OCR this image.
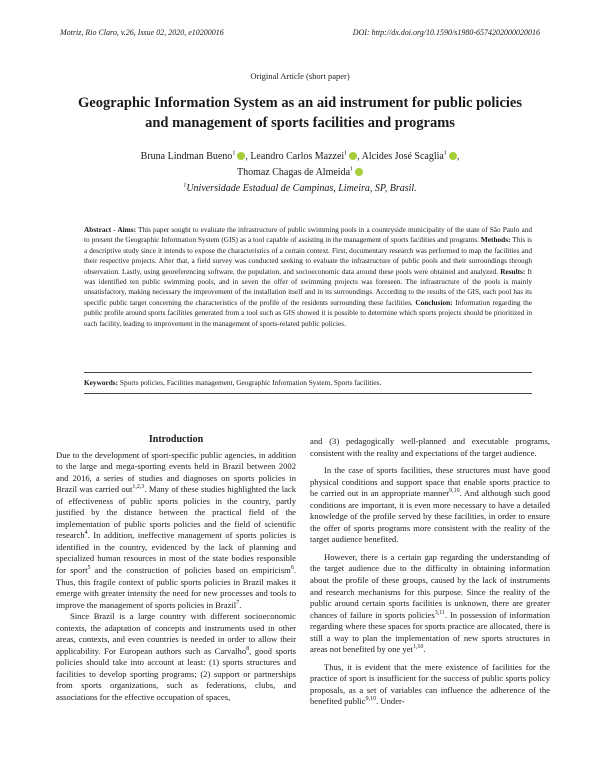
Motriz, Rio Claro, v.26, Issue 02, 2020, e10200016	DOI: http://dx.doi.org/10.1590/s1980-6574202000020016
Original Article (short paper)
Geographic Information System as an aid instrument for public policies and management of sports facilities and programs
Bruna Lindman Bueno$^1$ , Leandro Carlos Mazzei$^1$ , Alcides José Scaglia$^1$ ,
Thomaz Chagas de Almeida$^1$
$^1$Universidade Estadual de Campinas, Limeira, SP, Brasil.
Abstract - Aims: This paper sought to evaluate the infrastructure of public swimming pools in a countryside municipality of the state of São Paulo and to present the Geographic Information System (GIS) as a tool capable of assisting in the management of sports facilities and programs. Methods: This is a descriptive study since it intends to expose the characteristics of a certain context. First, documentary research was performed to map the facilities and their respective projects. After that, a field survey was conducted seeking to evaluate the infrastructure of public pools and their surroundings through observation. Lastly, using georeferencing software, the population, and socioeconomic data around these pools were obtained and analyzed. Results: It was identified ten public swimming pools, and in seven the offer of swimming projects was foreseen. The infrastructure of the pools is mainly unsatisfactory, making necessary the improvement of the installation itself and in its surroundings. According to the results of the GIS, each pool has its specific public target concerning the characteristics of the profile of the residents surrounding these facilities. Conclusion: Information regarding the public profile around sports facilities generated from a tool such as GIS showed it is possible to determine which sports projects should be prioritized in each facility, leading to improvement in the management of sports-related public policies.
Keywords: Sports policies, Facilities management, Geographic Information System, Sports facilities.
Introduction

Due to the development of sport-specific public agencies, in addition to the large and mega-sporting events held in Brazil between 2002 and 2016, a series of studies and diagnoses on sports policies in Brazil was carried out$^{1,2,3}$. Many of these studies highlighted the lack of effectiveness of public sports policies in the country, partly justified by the distance between the practical field of the implementation of public sports policies and the field of scientific research$^4$. In addition, ineffective management of sports policies is identified in the country, evidenced by the lack of planning and specialized human resources in most of the state bodies responsible for sport$^5$ and the construction of policies based on empiricism$^6$. Thus, this fragile context of public sports policies in Brazil makes it emerge with greater intensity the need for new processes and tools to improve the management of sports policies in Brazil$^7$.

Since Brazil is a large country with different socioeconomic contexts, the adaptation of concepts and instruments used in other areas, contexts, and even countries is needed in order to allow their applicability. For European authors such as Carvalho$^8$, good sports policies should take into account at least: (1) sports structures and facilities to develop sporting programs; (2) support or partnerships from sports organizations, such as federations, clubs, and associations for the effective occupation of spaces,

and (3) pedagogically well-planned and executable programs, consistent with the reality and expectations of the target audience.

In the case of sports facilities, these structures must have good physical conditions and support space that enable sports practice to be carried out in an appropriate manner$^{9,10}$. And although such good conditions are important, it is even more necessary to have a detailed knowledge of the profile served by these facilities, in order to ensure the offer of sports programs more consistent with the reality of the target audience benefited.

However, there is a certain gap regarding the understanding of the target audience due to the difficulty in obtaining information about the profile of these groups, caused by the lack of instruments and research mechanisms for this purpose. Since the reality of the public around certain sports facilities is unknown, there are greater chances of failure in sports policies$^{3,11}$. In possession of information regarding where these spaces for sports practice are allocated, there is still a way to plan the implementation of new sports structures in areas not benefited by one yet$^{1,10}$.

Thus, it is evident that the mere existence of facilities for the practice of sport is insufficient for the success of public sports policy proposals, as a set of variables can influence the adherence of the benefited public$^{9,10}$. Under-
